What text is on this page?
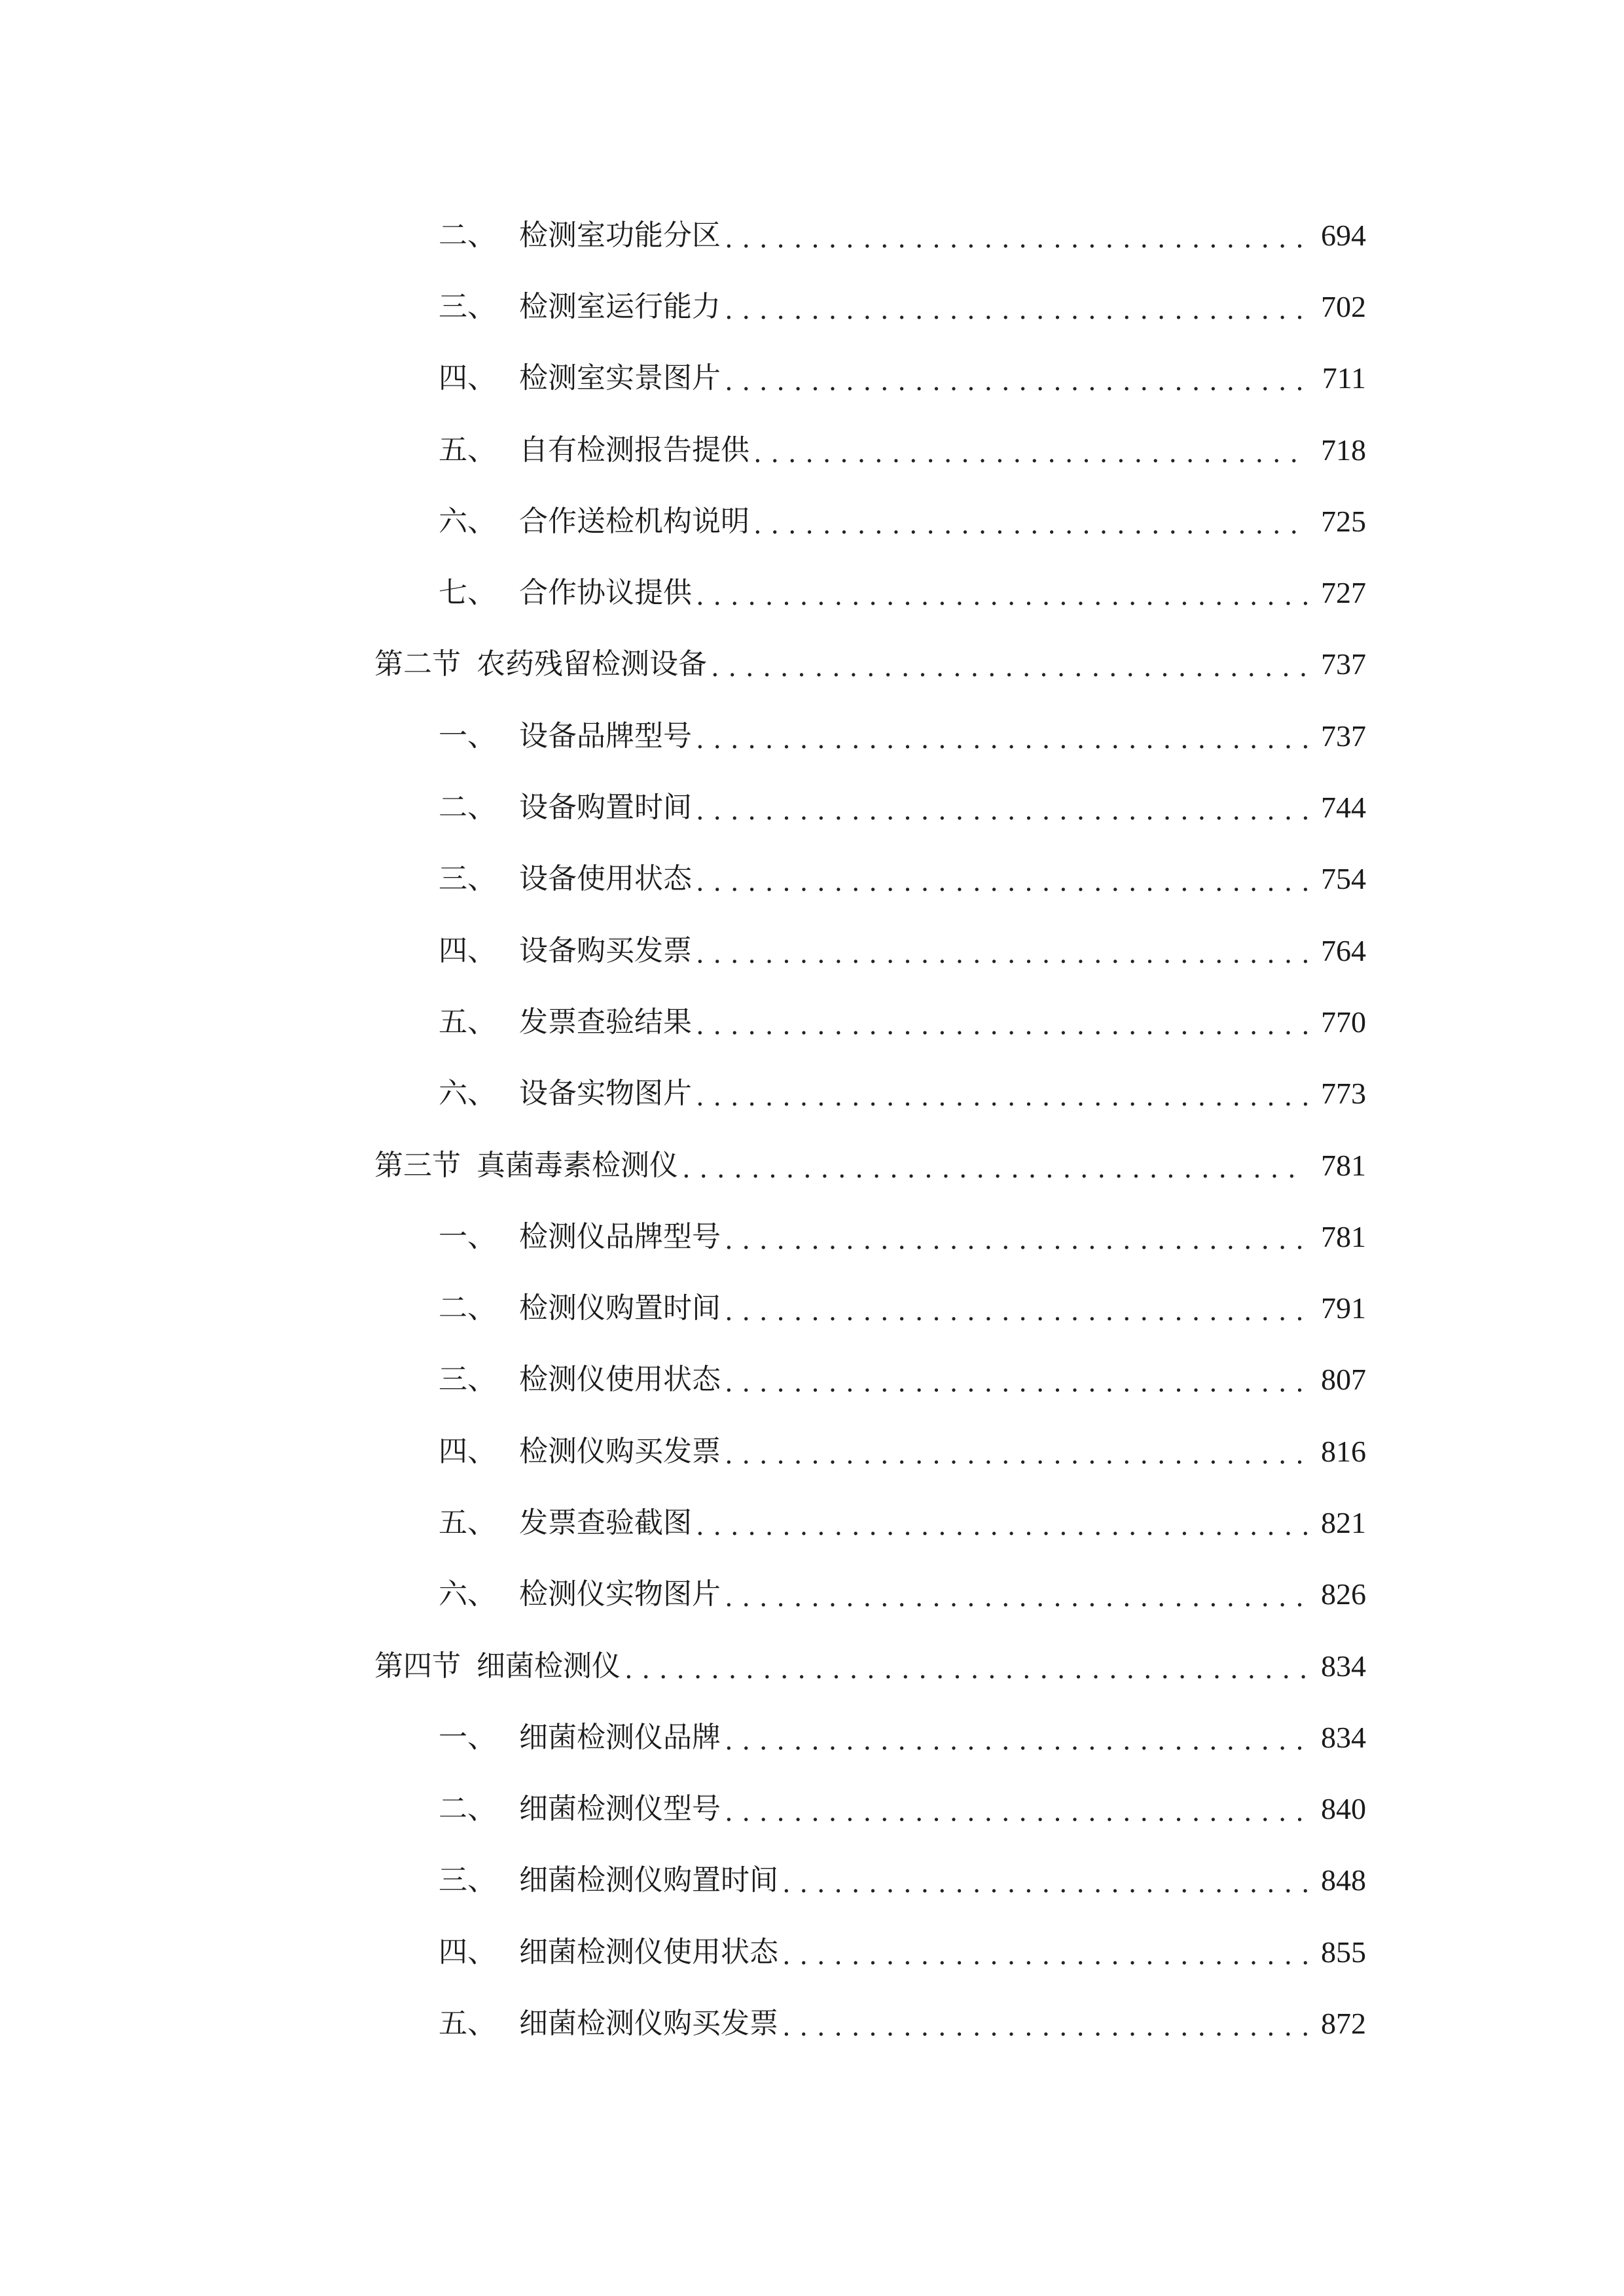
二、 检测室功能分区 . . .	694
三、 检测室运行能力 . . .	702
四、 检测室实景图片 . . .	711
五、 自有检测报告提供 . . .	718
六、 合作送检机构说明 . . .	725
七、 合作协议提供 . . .	727
第二节 农药残留检测设备 . . .	737
一、 设备品牌型号 . . .	737
二、 设备购置时间 . . .	744
三、 设备使用状态 . . .	754
四、 设备购买发票 . . .	764
五、 发票查验结果 . . .	770
六、 设备实物图片 . . .	773
第三节 真菌毒素检测仪 . . .	781
一、 检测仪品牌型号 . . .	781
二、 检测仪购置时间 . . .	791
三、 检测仪使用状态 . . .	807
四、 检测仪购买发票 . . .	816
五、 发票查验截图 . . .	821
六、 检测仪实物图片 . . .	826
第四节 细菌检测仪 . . .	834
一、 细菌检测仪品牌 . . .	834
二、 细菌检测仪型号 . . .	840
三、 细菌检测仪购置时间 . . .	848
四、 细菌检测仪使用状态 . . .	855
五、 细菌检测仪购买发票 . . .	872
